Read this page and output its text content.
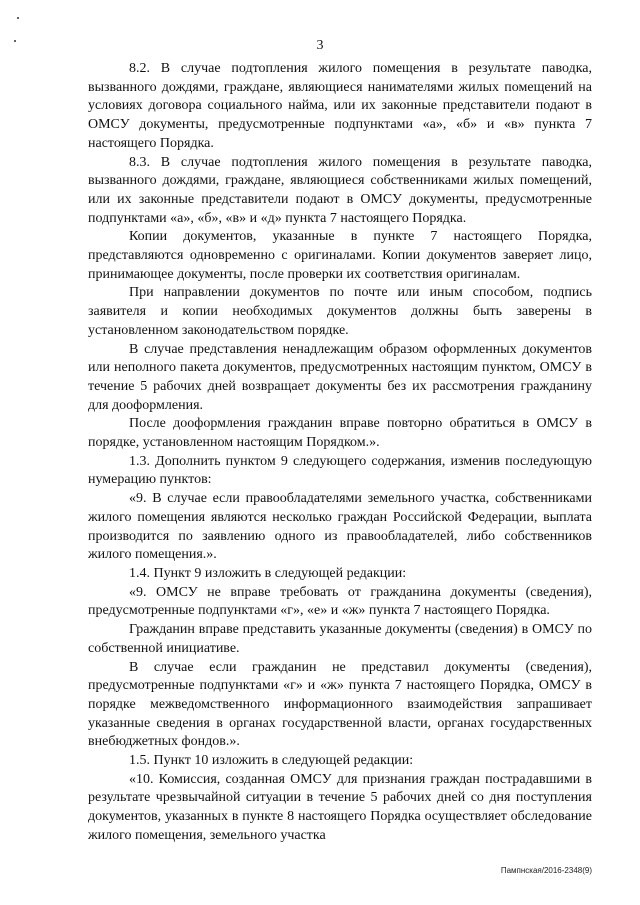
3

8.2. В случае подтопления жилого помещения в результате паводка, вызванного дождями, граждане, являющиеся нанимателями жилых помещений на условиях договора социального найма, или их законные представители подают в ОМСУ документы, предусмотренные подпунктами «а», «б» и «в» пункта 7 настоящего Порядка.

8.3. В случае подтопления жилого помещения в результате паводка, вызванного дождями, граждане, являющиеся собственниками жилых помещений, или их законные представители подают в ОМСУ документы, предусмотренные подпунктами «а», «б», «в» и «д» пункта 7 настоящего Порядка.

Копии документов, указанные в пункте 7 настоящего Порядка, представляются одновременно с оригиналами. Копии документов заверяет лицо, принимающее документы, после проверки их соответствия оригиналам.

При направлении документов по почте или иным способом, подпись заявителя и копии необходимых документов должны быть заверены в установленном законодательством порядке.

В случае представления ненадлежащим образом оформленных документов или неполного пакета документов, предусмотренных настоящим пунктом, ОМСУ в течение 5 рабочих дней возвращает документы без их рассмотрения гражданину для дооформления.

После дооформления гражданин вправе повторно обратиться в ОМСУ в порядке, установленном настоящим Порядком.».

1.3. Дополнить пунктом 9 следующего содержания, изменив последующую нумерацию пунктов:

«9. В случае если правообладателями земельного участка, собственниками жилого помещения являются несколько граждан Российской Федерации, выплата производится по заявлению одного из правообладателей, либо собственников жилого помещения.».

1.4. Пункт 9 изложить в следующей редакции:

«9. ОМСУ не вправе требовать от гражданина документы (сведения), предусмотренные подпунктами «г», «е» и «ж» пункта 7 настоящего Порядка.

Гражданин вправе представить указанные документы (сведения) в ОМСУ по собственной инициативе.

В случае если гражданин не представил документы (сведения), предусмотренные подпунктами «г» и «ж» пункта 7 настоящего Порядка, ОМСУ в порядке межведомственного информационного взаимодействия запрашивает указанные сведения в органах государственной власти, органах государственных внебюджетных фондов.».

1.5. Пункт 10 изложить в следующей редакции:

«10. Комиссия, созданная ОМСУ для признания граждан пострадавшими в результате чрезвычайной ситуации в течение 5 рабочих дней со дня поступления документов, указанных в пункте 8 настоящего Порядка осуществляет обследование жилого помещения, земельного участка

Пампнская/2016-2348(9)
